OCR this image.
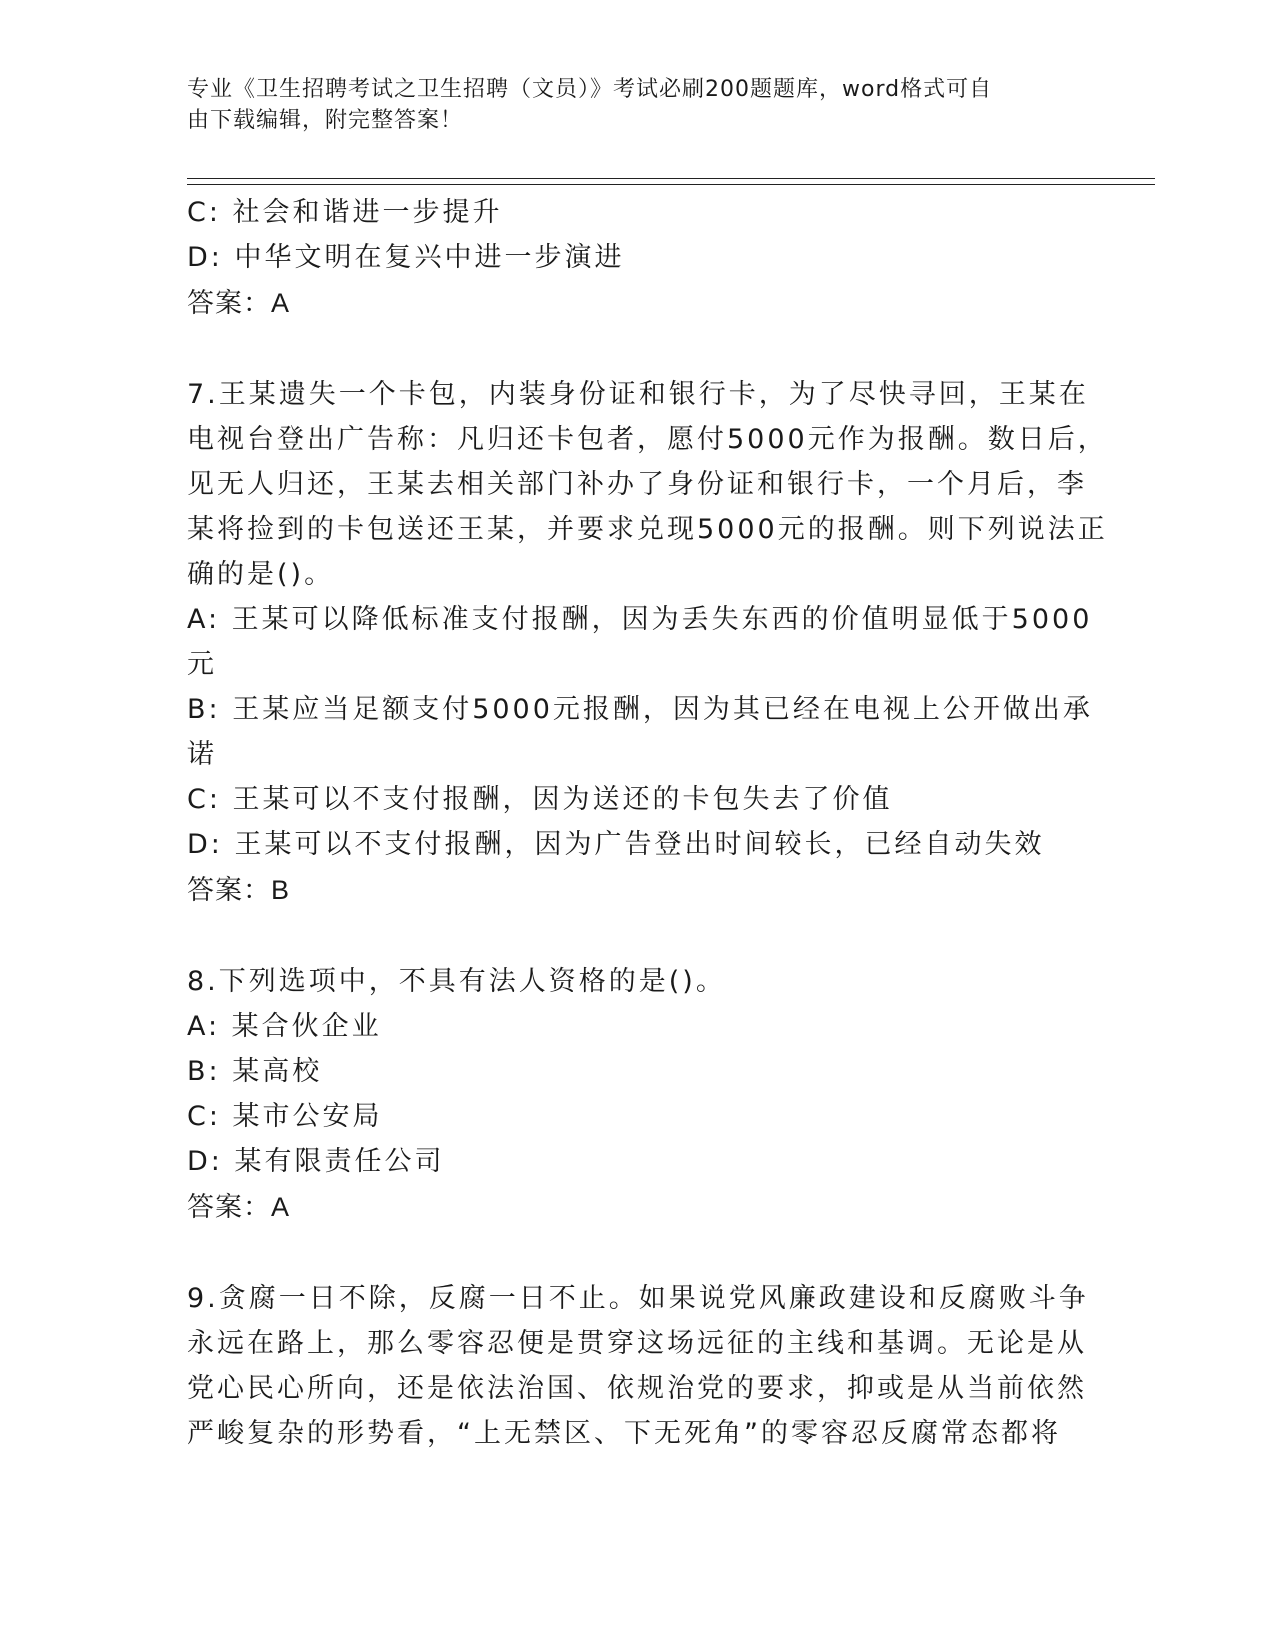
专业《卫生招聘考试之卫生招聘（文员）》考试必刷200题题库，word格式可自
由下载编辑，附完整答案！
C: 社会和谐进一步提升
D: 中华文明在复兴中进一步演进
答案：A
7.王某遗失一个卡包，内装身份证和银行卡，为了尽快寻回，王某在
电视台登出广告称：凡归还卡包者，愿付5000元作为报酬。数日后，
见无人归还，王某去相关部门补办了身份证和银行卡，一个月后，李
某将捡到的卡包送还王某，并要求兑现5000元的报酬。则下列说法正
确的是()。
A: 王某可以降低标准支付报酬，因为丢失东西的价值明显低于5000
元
B: 王某应当足额支付5000元报酬，因为其已经在电视上公开做出承
诺
C: 王某可以不支付报酬，因为送还的卡包失去了价值
D: 王某可以不支付报酬，因为广告登出时间较长，已经自动失效
答案：B
8.下列选项中，不具有法人资格的是()。
A: 某合伙企业
B: 某高校
C: 某市公安局
D: 某有限责任公司
答案：A
9.贪腐一日不除，反腐一日不止。如果说党风廉政建设和反腐败斗争
永远在路上，那么零容忍便是贯穿这场远征的主线和基调。无论是从
党心民心所向，还是依法治国、依规治党的要求，抑或是从当前依然
严峻复杂的形势看，“上无禁区、下无死角”的零容忍反腐常态都将
